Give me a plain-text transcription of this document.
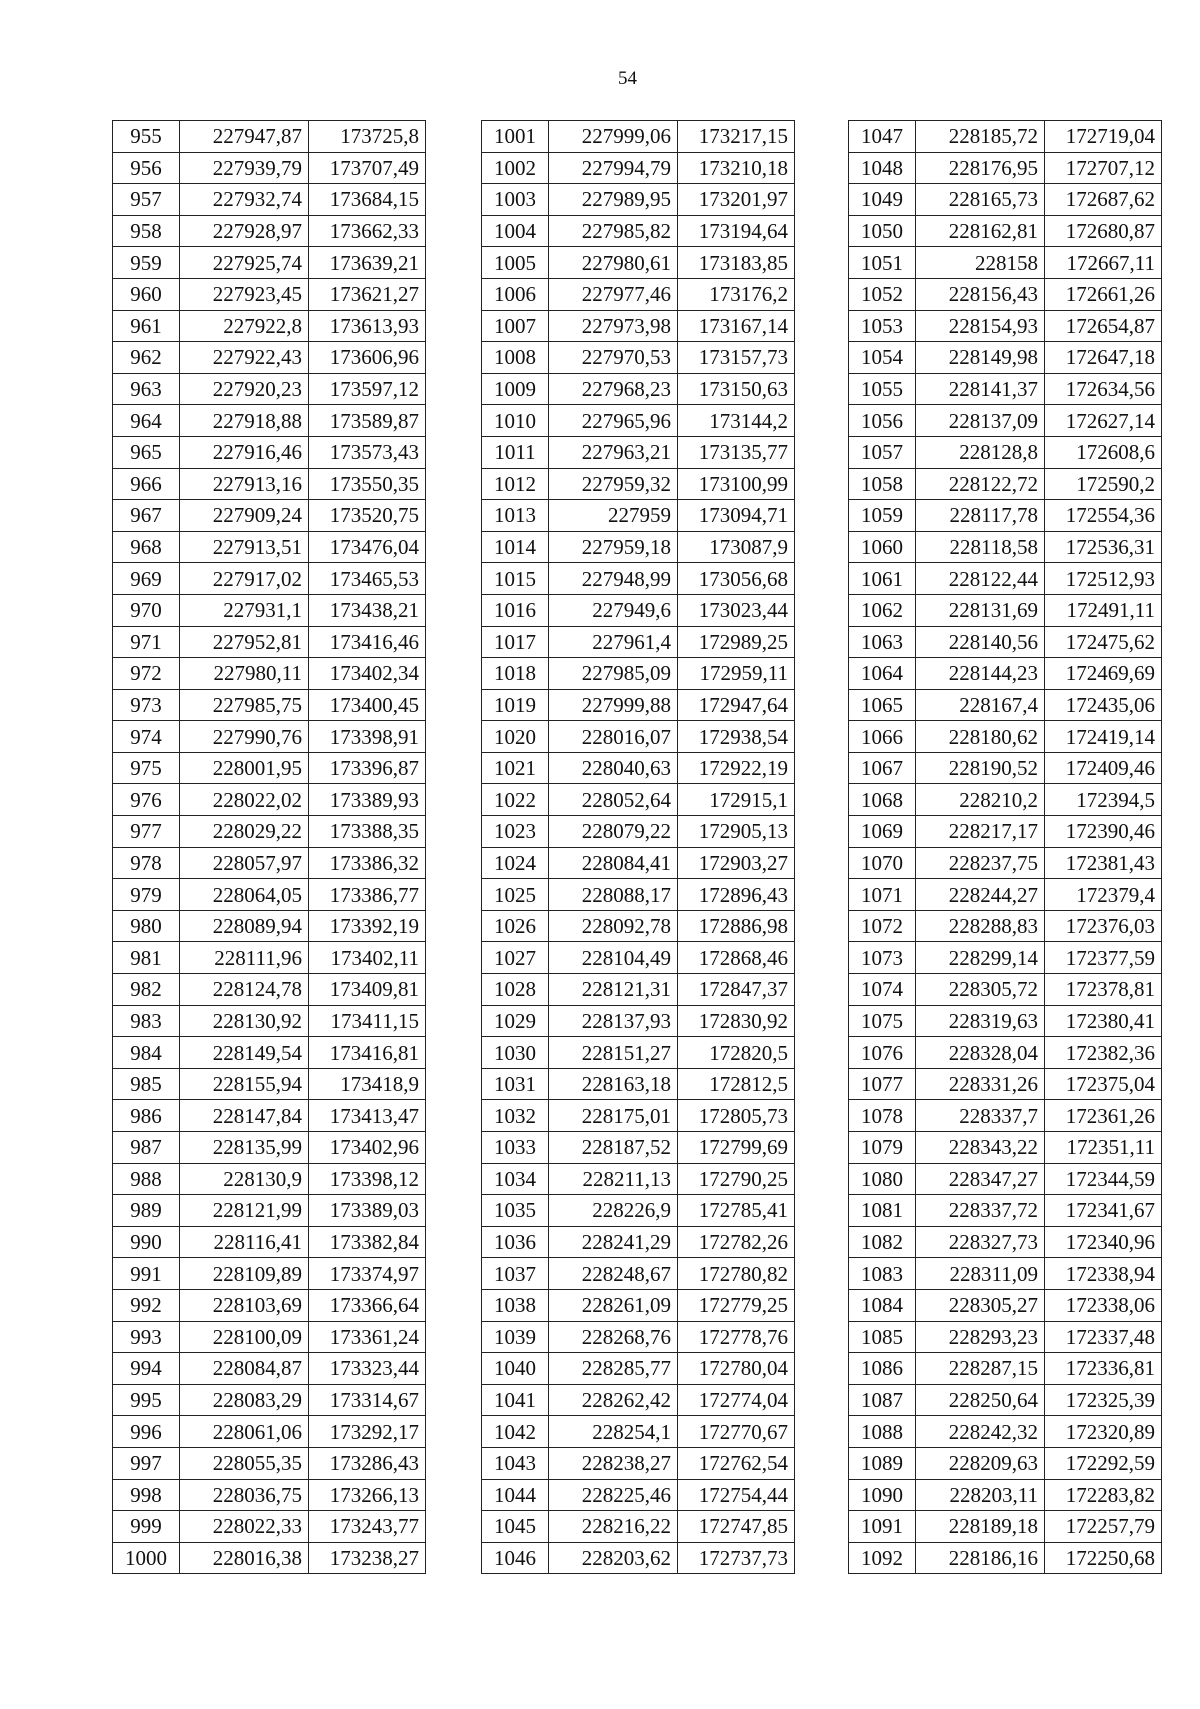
54
955	227947,87	173725,8
956	227939,79	173707,49
957	227932,74	173684,15
958	227928,97	173662,33
959	227925,74	173639,21
960	227923,45	173621,27
961	227922,8	173613,93
962	227922,43	173606,96
963	227920,23	173597,12
964	227918,88	173589,87
965	227916,46	173573,43
966	227913,16	173550,35
967	227909,24	173520,75
968	227913,51	173476,04
969	227917,02	173465,53
970	227931,1	173438,21
971	227952,81	173416,46
972	227980,11	173402,34
973	227985,75	173400,45
974	227990,76	173398,91
975	228001,95	173396,87
976	228022,02	173389,93
977	228029,22	173388,35
978	228057,97	173386,32
979	228064,05	173386,77
980	228089,94	173392,19
981	228111,96	173402,11
982	228124,78	173409,81
983	228130,92	173411,15
984	228149,54	173416,81
985	228155,94	173418,9
986	228147,84	173413,47
987	228135,99	173402,96
988	228130,9	173398,12
989	228121,99	173389,03
990	228116,41	173382,84
991	228109,89	173374,97
992	228103,69	173366,64
993	228100,09	173361,24
994	228084,87	173323,44
995	228083,29	173314,67
996	228061,06	173292,17
997	228055,35	173286,43
998	228036,75	173266,13
999	228022,33	173243,77
1000	228016,38	173238,27
1001	227999,06	173217,15
1002	227994,79	173210,18
1003	227989,95	173201,97
1004	227985,82	173194,64
1005	227980,61	173183,85
1006	227977,46	173176,2
1007	227973,98	173167,14
1008	227970,53	173157,73
1009	227968,23	173150,63
1010	227965,96	173144,2
1011	227963,21	173135,77
1012	227959,32	173100,99
1013	227959	173094,71
1014	227959,18	173087,9
1015	227948,99	173056,68
1016	227949,6	173023,44
1017	227961,4	172989,25
1018	227985,09	172959,11
1019	227999,88	172947,64
1020	228016,07	172938,54
1021	228040,63	172922,19
1022	228052,64	172915,1
1023	228079,22	172905,13
1024	228084,41	172903,27
1025	228088,17	172896,43
1026	228092,78	172886,98
1027	228104,49	172868,46
1028	228121,31	172847,37
1029	228137,93	172830,92
1030	228151,27	172820,5
1031	228163,18	172812,5
1032	228175,01	172805,73
1033	228187,52	172799,69
1034	228211,13	172790,25
1035	228226,9	172785,41
1036	228241,29	172782,26
1037	228248,67	172780,82
1038	228261,09	172779,25
1039	228268,76	172778,76
1040	228285,77	172780,04
1041	228262,42	172774,04
1042	228254,1	172770,67
1043	228238,27	172762,54
1044	228225,46	172754,44
1045	228216,22	172747,85
1046	228203,62	172737,73
1047	228185,72	172719,04
1048	228176,95	172707,12
1049	228165,73	172687,62
1050	228162,81	172680,87
1051	228158	172667,11
1052	228156,43	172661,26
1053	228154,93	172654,87
1054	228149,98	172647,18
1055	228141,37	172634,56
1056	228137,09	172627,14
1057	228128,8	172608,6
1058	228122,72	172590,2
1059	228117,78	172554,36
1060	228118,58	172536,31
1061	228122,44	172512,93
1062	228131,69	172491,11
1063	228140,56	172475,62
1064	228144,23	172469,69
1065	228167,4	172435,06
1066	228180,62	172419,14
1067	228190,52	172409,46
1068	228210,2	172394,5
1069	228217,17	172390,46
1070	228237,75	172381,43
1071	228244,27	172379,4
1072	228288,83	172376,03
1073	228299,14	172377,59
1074	228305,72	172378,81
1075	228319,63	172380,41
1076	228328,04	172382,36
1077	228331,26	172375,04
1078	228337,7	172361,26
1079	228343,22	172351,11
1080	228347,27	172344,59
1081	228337,72	172341,67
1082	228327,73	172340,96
1083	228311,09	172338,94
1084	228305,27	172338,06
1085	228293,23	172337,48
1086	228287,15	172336,81
1087	228250,64	172325,39
1088	228242,32	172320,89
1089	228209,63	172292,59
1090	228203,11	172283,82
1091	228189,18	172257,79
1092	228186,16	172250,68
